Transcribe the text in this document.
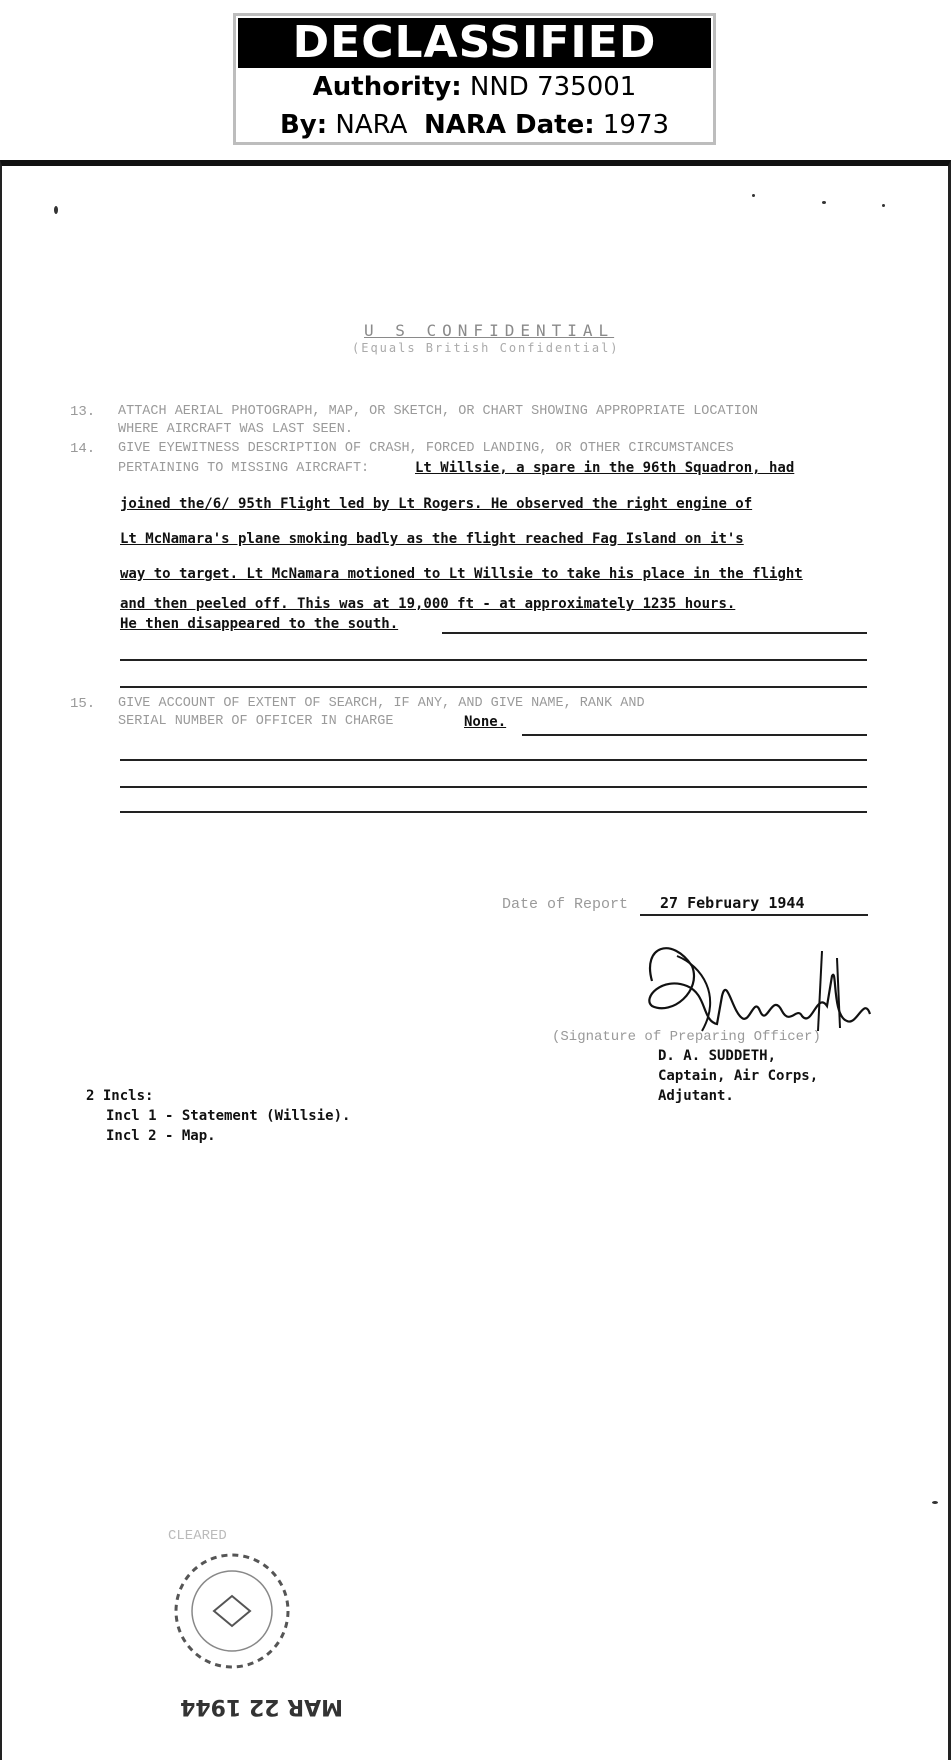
DECLASSIFIED
Authority: NND 735001
By: NARA NARA Date: 1973
U S CONFIDENTIAL
(Equals British Confidential)
13. ATTACH AERIAL PHOTOGRAPH, MAP, OR SKETCH, OR CHART SHOWING APPROPRIATE LOCATION
WHERE AIRCRAFT WAS LAST SEEN.
14. GIVE EYEWITNESS DESCRIPTION OF CRASH, FORCED LANDING, OR OTHER CIRCUMSTANCES
PERTAINING TO MISSING AIRCRAFT:	Lt Willsie, a spare in the 96th Squadron, had
joined the/6/ 95th Flight led by Lt Rogers. He observed the right engine of
Lt McNamara's plane smoking badly as the flight reached Fag Island on it's
way to target. Lt McNamara motioned to Lt Willsie to take his place in the flight
and then peeled off. This was at 19,000 ft - at approximately 1235 hours.
He then disappeared to the south.
15. GIVE ACCOUNT OF EXTENT OF SEARCH, IF ANY, AND GIVE NAME, RANK AND
SERIAL NUMBER OF OFFICER IN CHARGE	None.
Date of Report 27 February 1944
(Signature of Preparing Officer)
D. A. SUDDETH,
Captain, Air Corps,
Adjutant.
2 Incls:
Incl 1 - Statement (Willsie).
Incl 2 - Map.
CLEARED
MAR 22 1944
